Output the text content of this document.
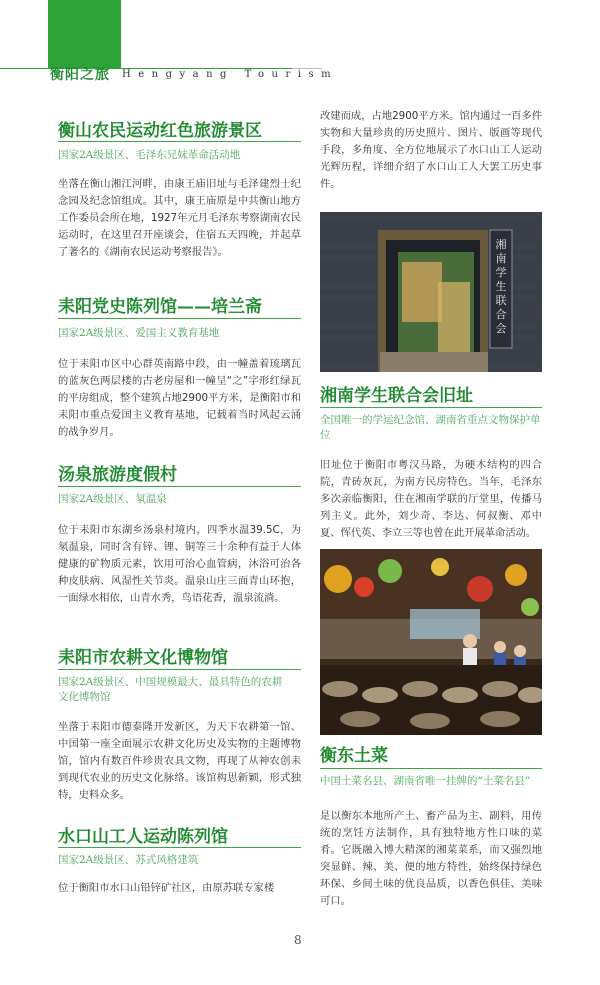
衡阳之旅 Hengyang Tourism
衡山农民运动红色旅游景区
国家2A级景区、毛泽东兄妹革命活动地
坐落在衡山湘江河畔，由康王庙旧址与毛泽建烈士纪念园及纪念馆组成。其中，康王庙原是中共衡山地方工作委员会所在地，1927年元月毛泽东考察湖南农民运动时，在这里召开座谈会，住宿五天四晚，并起草了著名的《湖南农民运动考察报告》。
耒阳党史陈列馆——培兰斋
国家2A级景区、爱国主义教育基地
位于耒阳市区中心群英南路中段，由一幢盖着琉璃瓦的蓝灰色两层楼的古老房屋和一幢呈“之”字形红绿瓦的平房组成，整个建筑占地2900平方米，是衡阳市和耒阳市重点爱国主义教育基地，记载着当时风起云涌的战争岁月。
汤泉旅游度假村
国家2A级景区、氡温泉
位于耒阳市东湖乡汤泉村境内，四季水温39.5C，为氡温泉，同时含有锌、锂、铜等三十余种有益于人体健康的矿物质元素，饮用可治心血管病，沐浴可治各种皮肤病、风湿性关节炎。温泉山庄三面青山环抱，一面绿水相依，山青水秀，鸟语花香，温泉流淌。
耒阳市农耕文化博物馆
国家2A级景区、中国规模最大、最具特色的农耕文化博物馆
坐落于耒阳市德泰隆开发新区，为天下农耕第一馆、中国第一座全面展示农耕文化历史及实物的主题博物馆，馆内有数百件珍贵农具文物，再现了从神农创耒到现代农业的历史文化脉络。该馆构思新颖，形式独特，史料众多。
水口山工人运动陈列馆
国家2A级景区、苏式风格建筑
位于衡阳市水口山铅锌矿社区，由原苏联专家楼
改建而成，占地2900平方米。馆内通过一百多件实物和大量珍贵的历史照片、图片、版画等现代手段，多角度、全方位地展示了水口山工人运动光辉历程，详细介绍了水口山工人大罢工历史事件。
湘南学生联合会
湘南学生联合会旧址
全国唯一的学运纪念馆、湖南省重点文物保护单位
旧址位于衡阳市粤汉马路，为硬木结构的四合院，青砖灰瓦，为南方民房特色。当年，毛泽东多次亲临衡阳，住在湘南学联的厅堂里，传播马列主义。此外，刘少奇、李达、何叔衡、邓中夏、恽代英、李立三等也曾在此开展革命活动。
衡东土菜
中国土菜名县、湖南省唯一挂牌的“土菜名县”
是以衡东本地所产土、畜产品为主、副料，用传统的烹饪方法制作，具有独特地方性口味的菜肴。它既融入博大精深的湘菜菜系，而又强烈地突显鲜、辣、美、便的地方特性，始终保持绿色环保、乡间土味的优良品质，以香色俱佳、美味可口。
8
